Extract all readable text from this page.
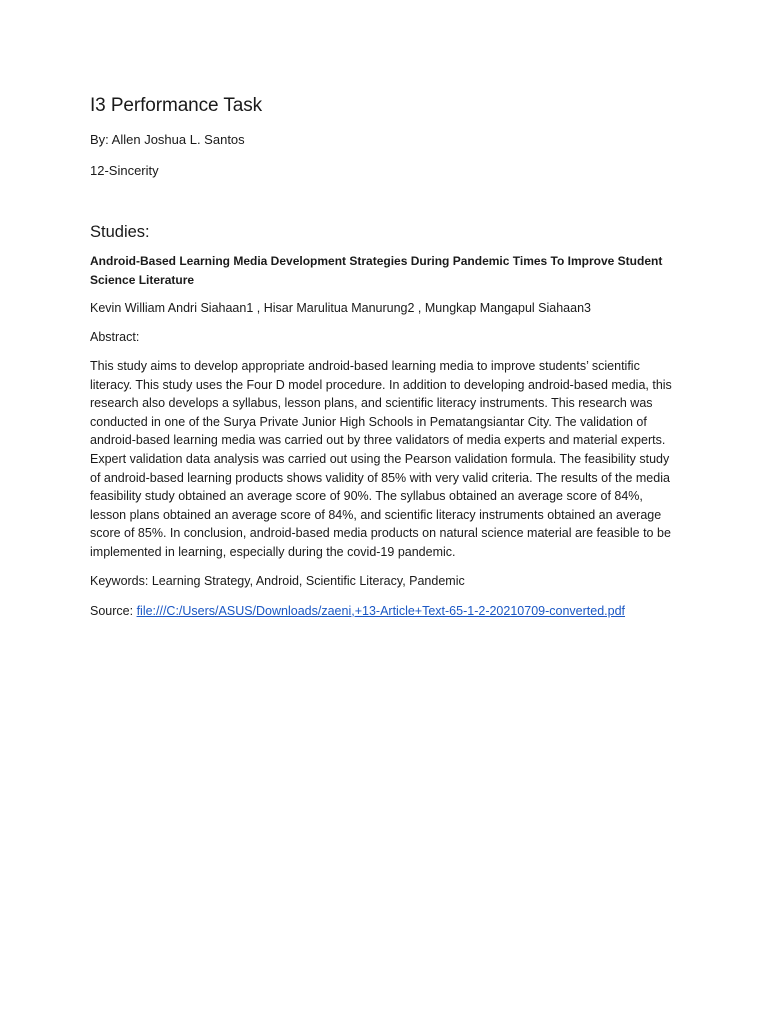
I3 Performance Task

By: Allen Joshua L. Santos

12-Sincerity

Studies:

Android-Based Learning Media Development Strategies During Pandemic Times To Improve Student Science Literature

Kevin William Andri Siahaan1 , Hisar Marulitua Manurung2 , Mungkap Mangapul Siahaan3

Abstract:

This study aims to develop appropriate android-based learning media to improve students’ scientific literacy. This study uses the Four D model procedure. In addition to developing android-based media, this research also develops a syllabus, lesson plans, and scientific literacy instruments. This research was conducted in one of the Surya Private Junior High Schools in Pematangsiantar City. The validation of android-based learning media was carried out by three validators of media experts and material experts. Expert validation data analysis was carried out using the Pearson validation formula. The feasibility study of android-based learning products shows validity of 85% with very valid criteria. The results of the media feasibility study obtained an average score of 90%. The syllabus obtained an average score of 84%, lesson plans obtained an average score of 84%, and scientific literacy instruments obtained an average score of 85%. In conclusion, android-based media products on natural science material are feasible to be implemented in learning, especially during the covid-19 pandemic.

Keywords: Learning Strategy, Android, Scientific Literacy, Pandemic

Source: file:///C:/Users/ASUS/Downloads/zaeni,+13-Article+Text-65-1-2-20210709-converted.pdf
